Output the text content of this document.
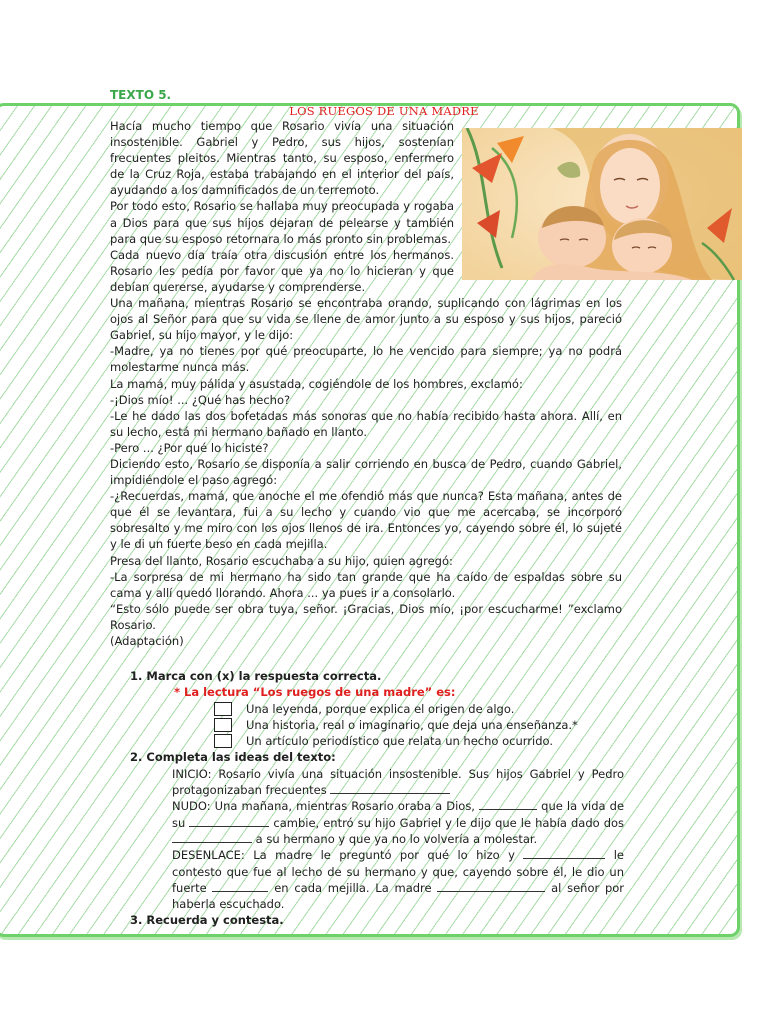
TEXTO 5.
LOS RUEGOS DE UNA MADRE

Hacía mucho tiempo que Rosario vivía una situación insostenible. Gabriel y Pedro, sus hijos, sostenían frecuentes pleitos. Mientras tanto, su esposo, enfermero de la Cruz Roja, estaba trabajando en el interior del país, ayudando a los damnificados de un terremoto.

Por todo esto, Rosario se hallaba muy preocupada y rogaba a Dios para que sus hijos dejaran de pelearse y también para que su esposo retornara lo más pronto sin problemas.

Cada nuevo día traía otra discusión entre los hermanos. Rosario les pedía por favor que ya no lo hicieran y que debían quererse, ayudarse y comprenderse.

Una mañana, mientras Rosario se encontraba orando, suplicando con lágrimas en los ojos al Señor para que su vida se llene de amor junto a su esposo y sus hijos, pareció Gabriel, su hijo mayor, y le dijo:

-Madre, ya no tienes por qué preocuparte, lo he vencido para siempre; ya no podrá molestarme nunca más.

La mamá, muy pálida y asustada, cogiéndole de los hombres, exclamó:

-¡Dios mío! ... ¿Qué has hecho?

-Le he dado las dos bofetadas más sonoras que no había recibido hasta ahora. Allí, en su lecho, está mi hermano bañado en llanto.

-Pero ... ¿Por qué lo hiciste?

Diciendo esto, Rosario se disponía a salir corriendo en busca de Pedro, cuando Gabriel, impidiéndole el paso agregó:

-¿Recuerdas, mamá, que anoche el me ofendió más que nunca? Esta mañana, antes de que él se levantara, fui a su lecho y cuando vio que me acercaba, se incorporó sobresalto y me miro con los ojos llenos de ira. Entonces yo, cayendo sobre él, lo sujeté y le di un fuerte beso en cada mejilla.

Presa del llanto, Rosario escuchaba a su hijo, quien agregó:

-La sorpresa de mi hermano ha sido tan grande que ha caído de espaldas sobre su cama y allí quedó llorando. Ahora ... ya pues ir a consolarlo.

“Esto sólo puede ser obra tuya, señor. ¡Gracias, Dios mío, ¡por escucharme! ”exclamo Rosario.

(Adaptación)

1. Marca con (x) la respuesta correcta.

* La lectura “Los ruegos de una madre” es:

Una leyenda, porque explica el origen de algo.
Una historia, real o imaginario, que deja una enseñanza.*
Un artículo periodístico que relata un hecho ocurrido.

2. Completa las ideas del texto:

INICIO: Rosario vivía una situación insostenible. Sus hijos Gabriel y Pedro protagonizaban frecuentes

NUDO: Una mañana, mientras Rosario oraba a Dios,	que la vida de su	cambie, entró su hijo Gabriel y le dijo que le había dado dos  a su hermano y que ya no lo volvería a molestar.

DESENLACE: La madre le preguntó por qué lo hizo y	le contesto que fue al lecho de su hermano y que, cayendo sobre él, le dio un fuerte	en cada mejilla. La madre	al señor por haberla escuchado.

3. Recuerda y contesta.
